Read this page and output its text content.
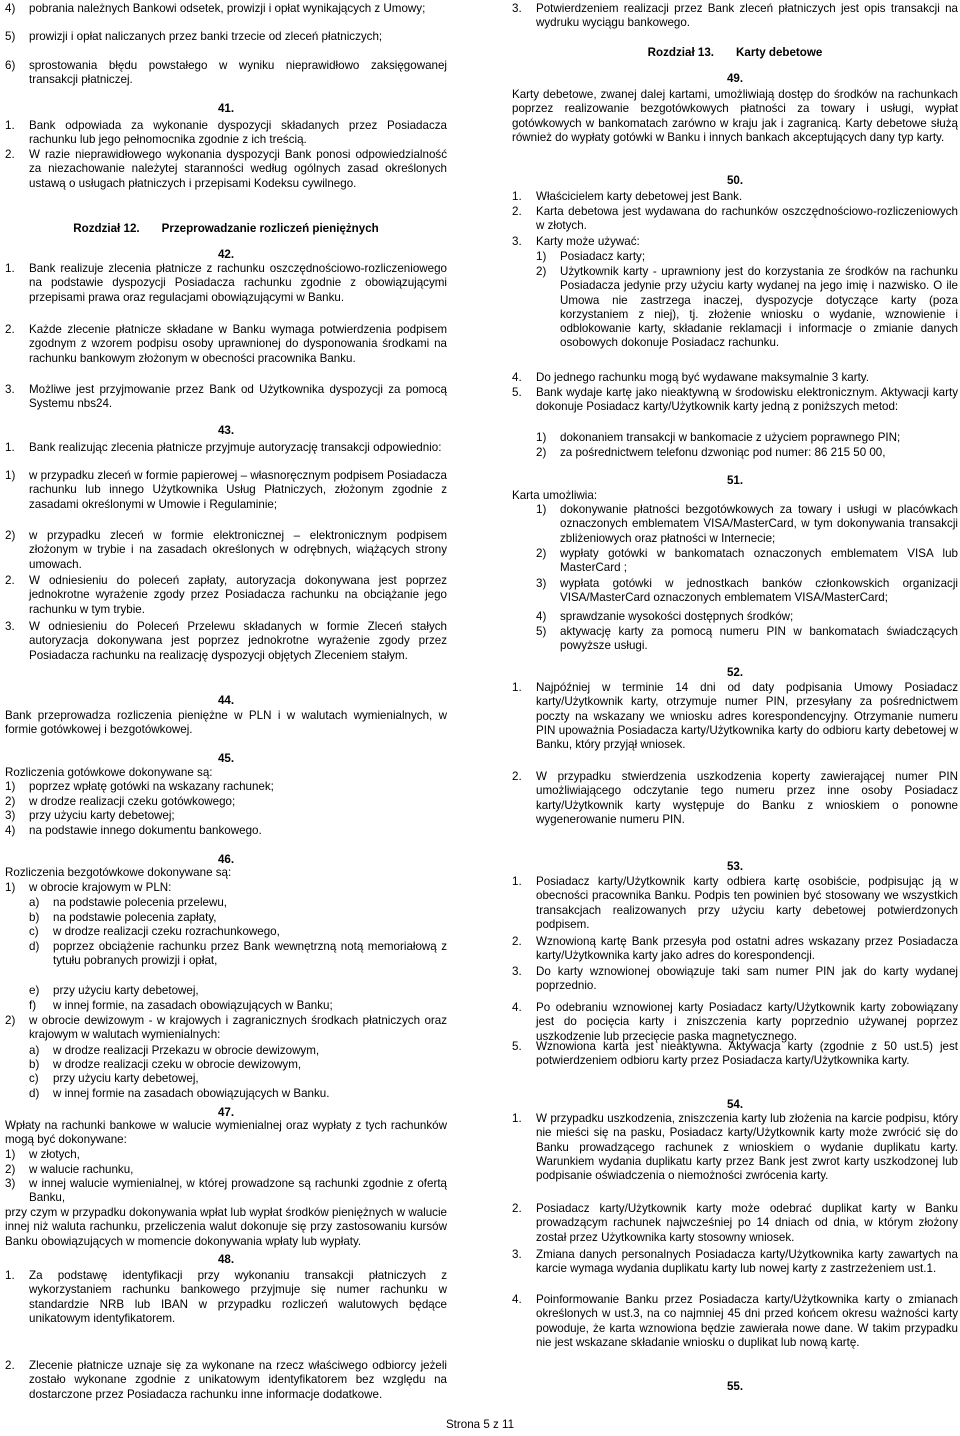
4)	pobrania należnych Bankowi odsetek, prowizji i opłat wynikających z Umowy;
5)	prowizji i opłat naliczanych przez banki trzecie od zleceń płatniczych;
6)	sprostowania błędu powstałego w wyniku nieprawidłowo zaksięgowanej transakcji płatniczej.
41.
1.	Bank odpowiada za wykonanie dyspozycji składanych przez Posiadacza rachunku lub jego pełnomocnika zgodnie z ich treścią.
2.	W razie nieprawidłowego wykonania dyspozycji Bank ponosi odpowiedzialność za niezachowanie należytej staranności według ogólnych zasad określonych ustawą o usługach płatniczych i przepisami Kodeksu cywilnego.
Rozdział 12. Przeprowadzanie rozliczeń pieniężnych
42.
1.	Bank realizuje zlecenia płatnicze z rachunku oszczędnościowo-rozliczeniowego na podstawie dyspozycji Posiadacza rachunku zgodnie z obowiązującymi przepisami prawa oraz regulacjami obowiązującymi w Banku.
2.	Każde zlecenie płatnicze składane w Banku wymaga potwierdzenia podpisem zgodnym z wzorem podpisu osoby uprawnionej do dysponowania środkami na rachunku bankowym złożonym w obecności pracownika Banku.
3.	Możliwe jest przyjmowanie przez Bank od Użytkownika dyspozycji za pomocą Systemu nbs24.
43.
1.	Bank realizując zlecenia płatnicze przyjmuje autoryzację transakcji odpowiednio:
1)	w przypadku zleceń w formie papierowej – własnoręcznym podpisem Posiadacza rachunku lub innego Użytkownika Usług Płatniczych, złożonym zgodnie z zasadami określonymi w Umowie i Regulaminie;
2)	w przypadku zleceń w formie elektronicznej – elektronicznym podpisem złożonym w trybie i na zasadach określonych w odrębnych, wiążących strony umowach.
2.	W odniesieniu do poleceń zapłaty, autoryzacja dokonywana jest poprzez jednokrotne wyrażenie zgody przez Posiadacza rachunku na obciążanie jego rachunku w tym trybie.
3.	W odniesieniu do Poleceń Przelewu składanych w formie Zleceń stałych autoryzacja dokonywana jest poprzez jednokrotne wyrażenie zgody przez Posiadacza rachunku na realizację dyspozycji objętych Zleceniem stałym.
44.

Bank przeprowadza rozliczenia pieniężne w PLN i w walutach wymienialnych, w formie gotówkowej i bezgotówkowej.

45.

Rozliczenia gotówkowe dokonywane są:

1)	poprzez wpłatę gotówki na wskazany rachunek;
2)	w drodze realizacji czeku gotówkowego;
3)	przy użyciu karty debetowej;
4)	na podstawie innego dokumentu bankowego.
46.

Rozliczenia bezgotówkowe dokonywane są:

1)	w obrocie krajowym w PLN:
a)	na podstawie polecenia przelewu,
b)	na podstawie polecenia zapłaty,
c)	w drodze realizacji czeku rozrachunkowego,
d)	poprzez obciążenie rachunku przez Bank wewnętrzną notą memoriałową z tytułu pobranych prowizji i opłat,
e)	przy użyciu karty debetowej,
f)	w innej formie, na zasadach obowiązujących w Banku;
2)	w obrocie dewizowym - w krajowych i zagranicznych środkach płatniczych oraz krajowym w walutach wymienialnych:
a)	w drodze realizacji Przekazu w obrocie dewizowym,
b)	w drodze realizacji czeku w obrocie dewizowym,
c)	przy użyciu karty debetowej,
d)	w innej formie na zasadach obowiązujących w Banku.
47.

Wpłaty na rachunki bankowe w walucie wymienialnej oraz wypłaty z tych rachunków mogą być dokonywane:

1)	w złotych,
2)	w walucie rachunku,
3)	w innej walucie wymienialnej, w której prowadzone są rachunki zgodnie z ofertą Banku,

przy czym w przypadku dokonywania wpłat lub wypłat środków pieniężnych w walucie innej niż waluta rachunku, przeliczenia walut dokonuje się przy zastosowaniu kursów Banku obowiązujących w momencie dokonywania wpłaty lub wypłaty.

48.
1.	Za podstawę identyfikacji przy wykonaniu transakcji płatniczych z wykorzystaniem rachunku bankowego przyjmuje się numer rachunku w standardzie NRB lub IBAN w przypadku rozliczeń walutowych będące unikatowym identyfikatorem.
2.	Zlecenie płatnicze uznaje się za wykonane na rzecz właściwego odbiorcy jeżeli zostało wykonane zgodnie z unikatowym identyfikatorem bez względu na dostarczone przez Posiadacza rachunku inne informacje dodatkowe.
3.	Potwierdzeniem realizacji przez Bank zleceń płatniczych jest opis transakcji na wydruku wyciągu bankowego.
Rozdział 13. Karty debetowe
49.

Karty debetowe, zwanej dalej kartami, umożliwiają dostęp do środków na rachunkach poprzez realizowanie bezgotówkowych płatności za towary i usługi, wypłat gotówkowych w bankomatach zarówno w kraju jak i zagranicą. Karty debetowe służą również do wypłaty gotówki w Banku i innych bankach akceptujących dany typ karty.

50.
1.	Właścicielem karty debetowej jest Bank.
2.	Karta debetowa jest wydawana do rachunków oszczędnościowo-rozliczeniowych w złotych.
3.	Karty może używać:
1)	Posiadacz karty;
2)	Użytkownik karty - uprawniony jest do korzystania ze środków na rachunku Posiadacza jedynie przy użyciu karty wydanej na jego imię i nazwisko. O ile Umowa nie zastrzega inaczej, dyspozycje dotyczące karty (poza korzystaniem z niej), tj. złożenie wniosku o wydanie, wznowienie i odblokowanie karty, składanie reklamacji i informacje o zmianie danych osobowych dokonuje Posiadacz rachunku.
4.	Do jednego rachunku mogą być wydawane maksymalnie 3 karty.
5.	Bank wydaje kartę jako nieaktywną w środowisku elektronicznym. Aktywacji karty dokonuje Posiadacz karty/Użytkownik karty jedną z poniższych metod:
1)	dokonaniem transakcji w bankomacie z użyciem poprawnego PIN;
2)	za pośrednictwem telefonu dzwoniąc pod numer: 86 215 50 00,
51.

Karta umożliwia:

1)	dokonywanie płatności bezgotówkowych za towary i usługi w placówkach oznaczonych emblematem VISA/MasterCard, w tym dokonywania transakcji zbliżeniowych oraz płatności w Internecie;
2)	wypłaty gotówki w bankomatach oznaczonych emblematem VISA lub MasterCard ;
3)	wypłata gotówki w jednostkach banków członkowskich organizacji VISA/MasterCard oznaczonych emblematem VISA/MasterCard;
4)	sprawdzanie wysokości dostępnych środków;
5)	aktywację karty za pomocą numeru PIN w bankomatach świadczących powyższe usługi.
52.
1.	Najpóźniej w terminie 14 dni od daty podpisania Umowy Posiadacz karty/Użytkownik karty, otrzymuje numer PIN, przesyłany za pośrednictwem poczty na wskazany we wniosku adres korespondencyjny. Otrzymanie numeru PIN upoważnia Posiadacza karty/Użytkownika karty do odbioru karty debetowej w Banku, który przyjął wniosek.
2.	W przypadku stwierdzenia uszkodzenia koperty zawierającej numer PIN umożliwiającego odczytanie tego numeru przez inne osoby Posiadacz karty/Użytkownik karty występuje do Banku z wnioskiem o ponowne wygenerowanie numeru PIN.
53.
1.	Posiadacz karty/Użytkownik karty odbiera kartę osobiście, podpisując ją w obecności pracownika Banku. Podpis ten powinien być stosowany we wszystkich transakcjach realizowanych przy użyciu karty debetowej potwierdzonych podpisem.
2.	Wznowioną kartę Bank przesyła pod ostatni adres wskazany przez Posiadacza karty/Użytkownika karty jako adres do korespondencji.
3.	Do karty wznowionej obowiązuje taki sam numer PIN jak do karty wydanej poprzednio.
4.	Po odebraniu wznowionej karty Posiadacz karty/Użytkownik karty zobowiązany jest do pocięcia karty i zniszczenia karty poprzednio używanej poprzez uszkodzenie lub przecięcie paska magnetycznego.
5.	Wznowiona karta jest nieaktywna. Aktywacja karty (zgodnie z 50 ust.5) jest potwierdzeniem odbioru karty przez Posiadacza karty/Użytkownika karty.
54.
1.	W przypadku uszkodzenia, zniszczenia karty lub złożenia na karcie podpisu, który nie mieści się na pasku, Posiadacz karty/Użytkownik karty może zwrócić się do Banku prowadzącego rachunek z wnioskiem o wydanie duplikatu karty. Warunkiem wydania duplikatu karty przez Bank jest zwrot karty uszkodzonej lub podpisanie oświadczenia o niemożności zwrócenia karty.
2.	Posiadacz karty/Użytkownik karty może odebrać duplikat karty w Banku prowadzącym rachunek najwcześniej po 14 dniach od dnia, w którym złożony został przez Użytkownika karty stosowny wniosek.
3.	Zmiana danych personalnych Posiadacza karty/Użytkownika karty zawartych na karcie wymaga wydania duplikatu karty lub nowej karty z zastrzeżeniem ust.1.
4.	Poinformowanie Banku przez Posiadacza karty/Użytkownika karty o zmianach określonych w ust.3, na co najmniej 45 dni przed końcem okresu ważności karty powoduje, że karta wznowiona będzie zawierała nowe dane. W takim przypadku nie jest wskazane składanie wniosku o duplikat lub nową kartę.
55.
Strona 5 z 11
